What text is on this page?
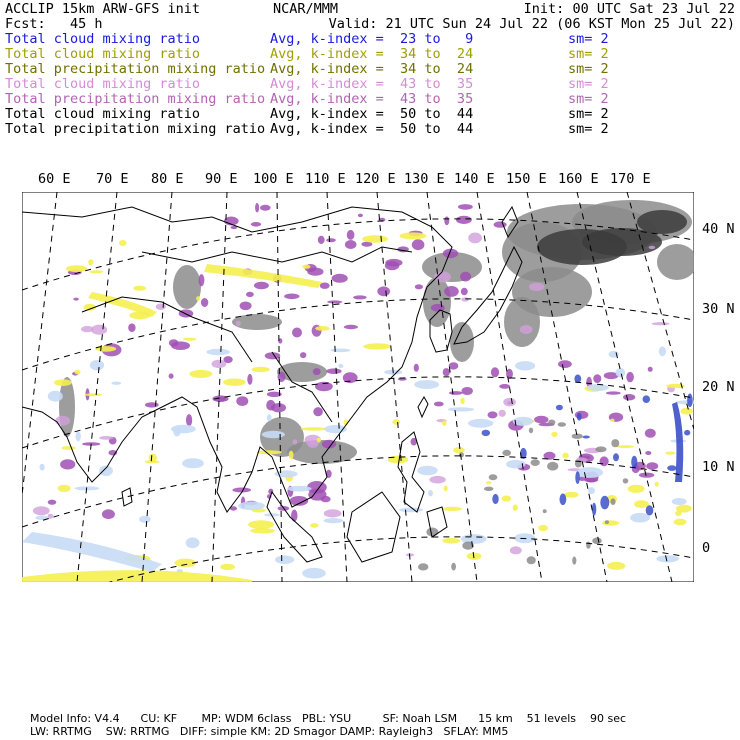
ACCLIP 15km ARW-GFS init	NCAR/MMM	Init: 00 UTC Sat 23 Jul 22
Fcst:   45 h	Valid: 21 UTC Sun 24 Jul 22 (06 KST Mon 25 Jul 22)
Total cloud mixing ratio	Avg, k-index =  23 to   9	sm= 2
Total cloud mixing ratio	Avg, k-index =  34 to  24	sm= 2
Total precipitation mixing ratio Avg, k-index =  34 to  24	sm= 2
Total cloud mixing ratio	Avg, k-index =  43 to  35	sm= 2
Total precipitation mixing ratio Avg, k-index =  43 to  35	sm= 2
Total cloud mixing ratio	Avg, k-index =  50 to  44	sm= 2
Total precipitation mixing ratio Avg, k-index =  50 to  44	sm= 2
60 E 70 E 80 E 90 E 100 E 110 E 120 E 130 E 140 E 150 E 160 E 170 E
40 N
30 N
20 N
10 N
0
Model Info: V4.4      CU: KF       MP: WDM 6class   PBL: YSU         SF: Noah LSM      15 km    51 levels    90 sec
LW: RRTMG    SW: RRTMG   DIFF: simple KM: 2D Smagor DAMP: Rayleigh3   SFLAY: MM5
